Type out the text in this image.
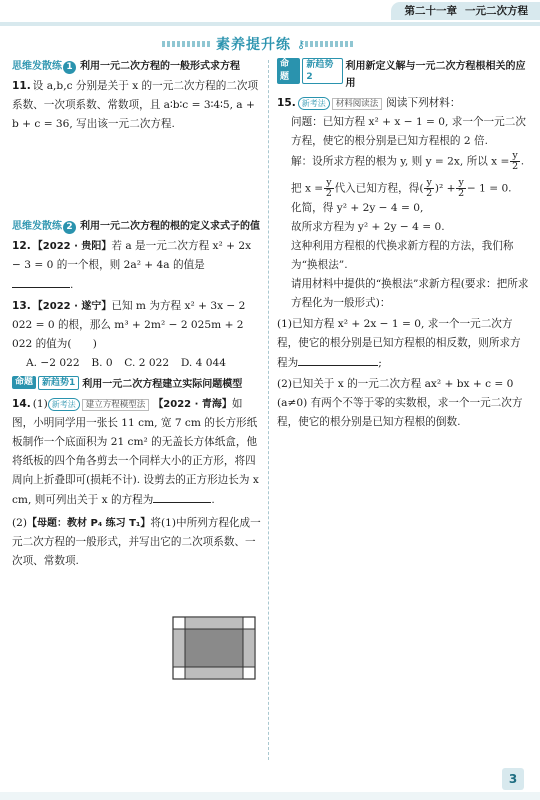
第二十一章 一元二次方程
素养提升练 ⚷
思维发散练 1 利用一元二次方程的一般形式求方程
11. 设 a,b,c 分别是关于 x 的一元二次方程的二次项系数、一次项系数、常数项，且 a∶b∶c = 3∶4∶5, a + b + c = 36, 写出该一元二次方程.
思维发散练 2 利用一元二次方程的根的定义求式子的值
12. 【2022 · 贵阳】若 a 是一元二次方程 x² + 2x − 3 = 0 的一个根，则 2a² + 4a 的值是.
13. 【2022 · 遂宁】已知 m 为方程 x² + 3x − 2 022 = 0 的根，那么 m³ + 2m² − 2 025m + 2 022 的值为(　　)
A. −2 022 B. 0 C. 2 022 D. 4 044
命题	新趋势1 利用一元二次方程建立实际问题模型
14. (1) 新考法 建立方程模型法 【2022 · 青海】如图，小明同学用一张长 11 cm, 宽 7 cm 的长方形纸板制作一个底面积为 21 cm² 的无盖长方体纸盒，他将纸板的四个角各剪去一个同样大小的正方形，将四周向上折叠即可(损耗不计). 设剪去的正方形边长为 x cm, 则可列出关于 x 的方程为	.
(2)【母题：教材 P₄ 练习 T₁】将(1)中所列方程化成一元二次方程的一般形式，并写出它的二次项系数、一次项、常数项.
命题
新趋势2
利用新定义解与一元二次方程根相关的应用
15. 新考法 材料阅读法 阅读下列材料：
问题：已知方程 x² + x − 1 = 0, 求一个一元二次方程，使它的根分别是已知方程根的 2 倍.
解：设所求方程的根为 y, 则 y = 2x, 所以 $x = \frac{y}{2}$ .
把 $x = \frac{y}{2}$ 代入已知方程，得( $\frac{y}{2} )^2 + \frac{y}{2} - 1 = 0$.
化简，得 y² + 2y − 4 = 0,
故所求方程为 y² + 2y − 4 = 0.
这种利用方程根的代换求新方程的方法，我们称为“换根法”.
请用材料中提供的“换根法”求新方程(要求：把所求方程化为一般形式)：
(1)已知方程 x² + 2x − 1 = 0, 求一个一元二次方程，使它的根分别是已知方程根的相反数，则所求方程为	;
(2)已知关于 x 的一元二次方程 ax² + bx + c = 0 (a≠0) 有两个不等于零的实数根，求一个一元二次方程，使它的根分别是已知方程根的倒数.
3
